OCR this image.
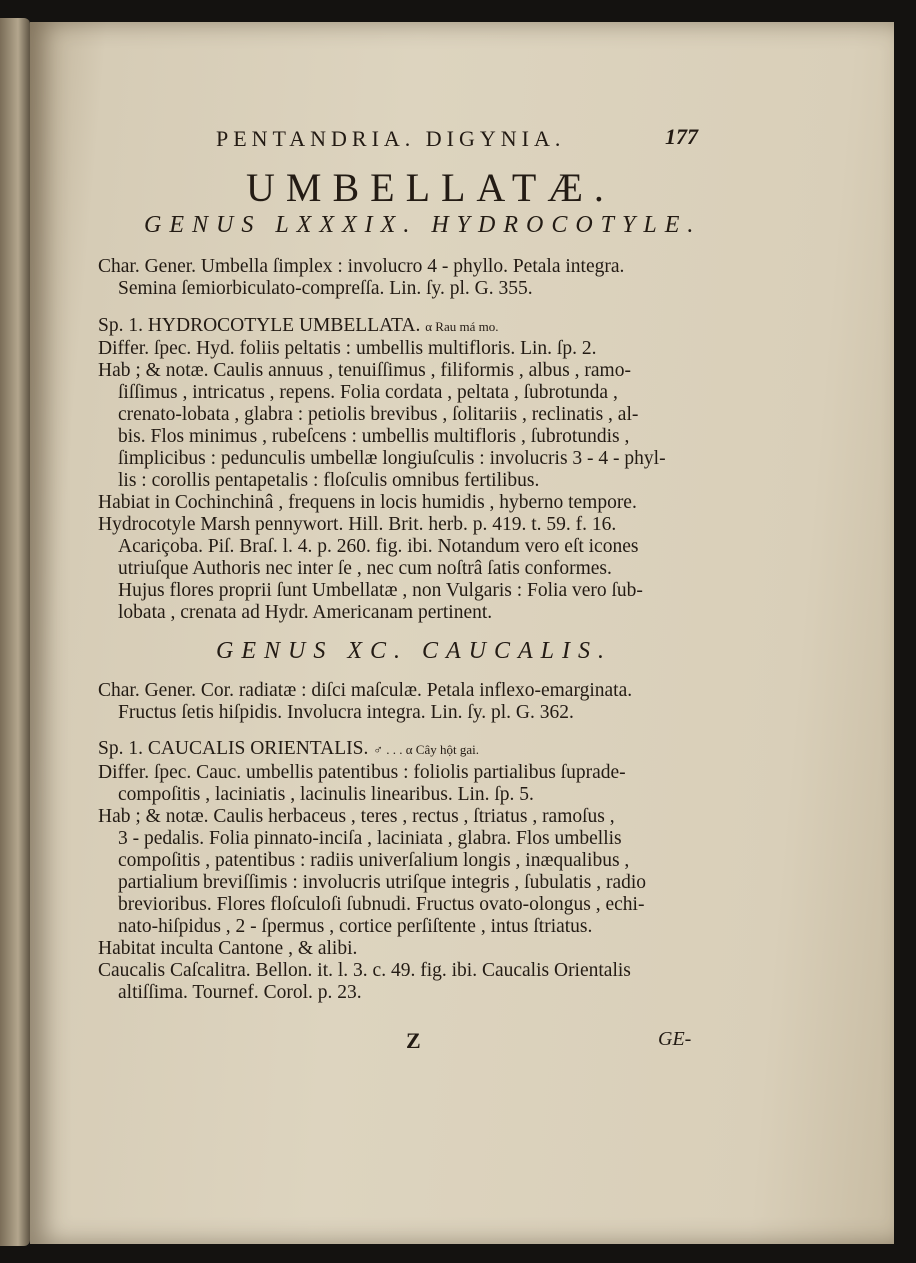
PENTANDRIA. DIGYNIA.	177
UMBELLATÆ.
GENUS LXXXIX. HYDROCOTYLE.
Char. Gener. Umbella ſimplex : involucro 4 - phyllo. Petala integra.
Semina ſemiorbiculato-compreſſa. Lin. ſy. pl. G. 355.
Sp. 1. HYDROCOTYLE UMBELLATA. α Rau má mo.
Differ. ſpec. Hyd. foliis peltatis : umbellis multifloris. Lin. ſp. 2.
Hab ; & notæ. Caulis annuus , tenuiſſimus , filiformis , albus , ramo-
ſiſſimus , intricatus , repens. Folia cordata , peltata , ſubrotunda ,
crenato-lobata , glabra : petiolis brevibus , ſolitariis , reclinatis , al-
bis. Flos minimus , rubeſcens : umbellis multifloris , ſubrotundis ,
ſimplicibus : pedunculis umbellæ longiuſculis : involucris 3 - 4 - phyl-
lis : corollis pentapetalis : floſculis omnibus fertilibus.
Habiat in Cochinchinâ , frequens in locis humidis , hyberno tempore.
Hydrocotyle Marsh pennywort. Hill. Brit. herb. p. 419. t. 59. f. 16.
Acariçoba. Piſ. Braſ. l. 4. p. 260. fig. ibi. Notandum vero eſt icones
utriuſque Authoris nec inter ſe , nec cum noſtrâ ſatis conformes.
Hujus flores proprii ſunt Umbellatæ , non Vulgaris : Folia vero ſub-
lobata , crenata ad Hydr. Americanam pertinent.
GENUS XC. CAUCALIS.
Char. Gener. Cor. radiatæ : diſci maſculæ. Petala inflexo-emarginata.
Fructus ſetis hiſpidis. Involucra integra. Lin. ſy. pl. G. 362.
Sp. 1. CAUCALIS ORIENTALIS. ♂ . . . α Cây hột gai.
Differ. ſpec. Cauc. umbellis patentibus : foliolis partialibus ſuprade-
compoſitis , laciniatis , lacinulis linearibus. Lin. ſp. 5.
Hab ; & notæ. Caulis herbaceus , teres , rectus , ſtriatus , ramoſus ,
3 - pedalis. Folia pinnato-inciſa , laciniata , glabra. Flos umbellis
compoſitis , patentibus : radiis univerſalium longis , inæqualibus ,
partialium breviſſimis : involucris utriſque integris , ſubulatis , radio
brevioribus. Flores floſculoſi ſubnudi. Fructus ovato-olongus , echi-
nato-hiſpidus , 2 - ſpermus , cortice perſiſtente , intus ſtriatus.
Habitat inculta Cantone , & alibi.
Caucalis Caſcalitra. Bellon. it. l. 3. c. 49. fig. ibi. Caucalis Orientalis
altiſſima. Tournef. Corol. p. 23.
Z	GE-
